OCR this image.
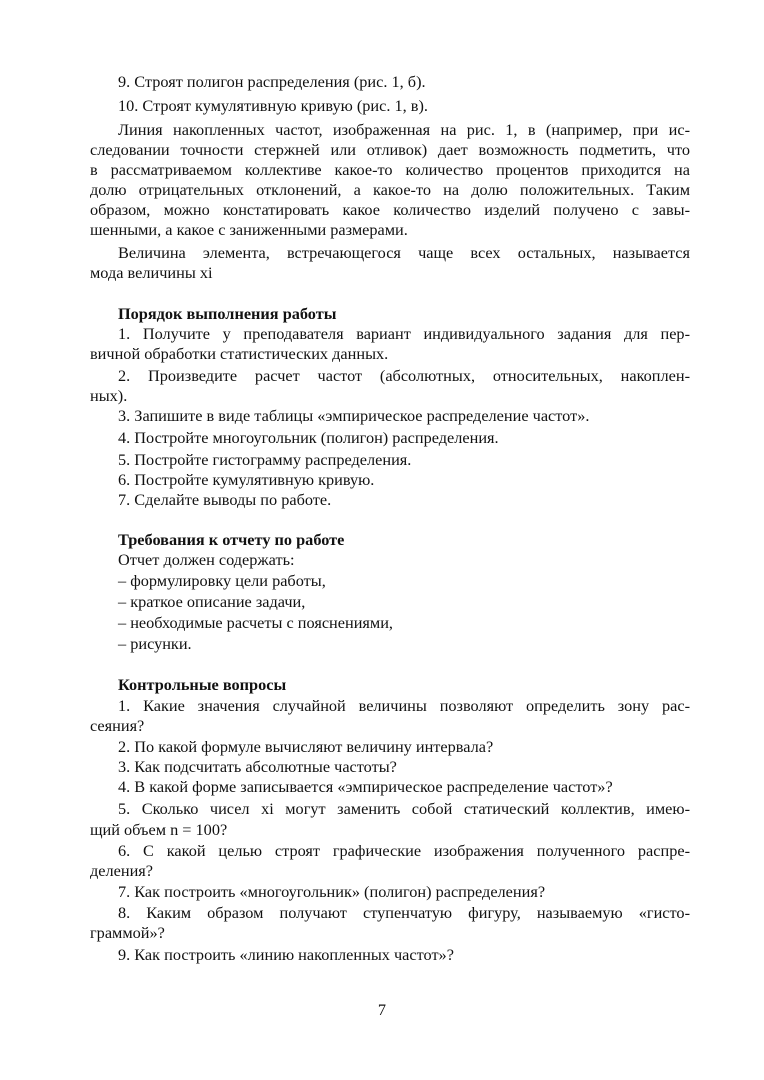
9. Строят полигон распределения (рис. 1, б).
10. Строят кумулятивную кривую (рис. 1, в).
Линия накопленных частот, изображенная на рис. 1, в (например, при ис-
следовании точности стержней или отливок) дает возможность подметить, что
в рассматриваемом коллективе какое-то количество процентов приходится на
долю отрицательных отклонений, а какое-то на долю положительных. Таким
образом, можно констатировать какое количество изделий получено с завы-
шенными, а какое с заниженными размерами.
Величина элемента, встречающегося чаще всех остальных, называется
мода величины xi
Порядок выполнения работы
1. Получите у преподавателя вариант индивидуального задания для пер-
вичной обработки статистических данных.
2. Произведите расчет частот (абсолютных, относительных, накоплен-
ных).
3. Запишите в виде таблицы «эмпирическое распределение частот».
4. Постройте многоугольник (полигон) распределения.
5. Постройте гистограмму распределения.
6. Постройте кумулятивную кривую.
7. Сделайте выводы по работе.
Требования к отчету по работе
Отчет должен содержать:
– формулировку цели работы,
– краткое описание задачи,
– необходимые расчеты с пояснениями,
– рисунки.
Контрольные вопросы
1. Какие значения случайной величины позволяют определить зону рас-
сеяния?
2. По какой формуле вычисляют величину интервала?
3. Как подсчитать абсолютные частоты?
4. В какой форме записывается «эмпирическое распределение частот»?
5. Сколько чисел xi могут заменить собой статический коллектив, имею-
щий объем n = 100?
6. С какой целью строят графические изображения полученного распре-
деления?
7. Как построить «многоугольник» (полигон) распределения?
8. Каким образом получают ступенчатую фигуру, называемую «гисто-
граммой»?
9. Как построить «линию накопленных частот»?
7
